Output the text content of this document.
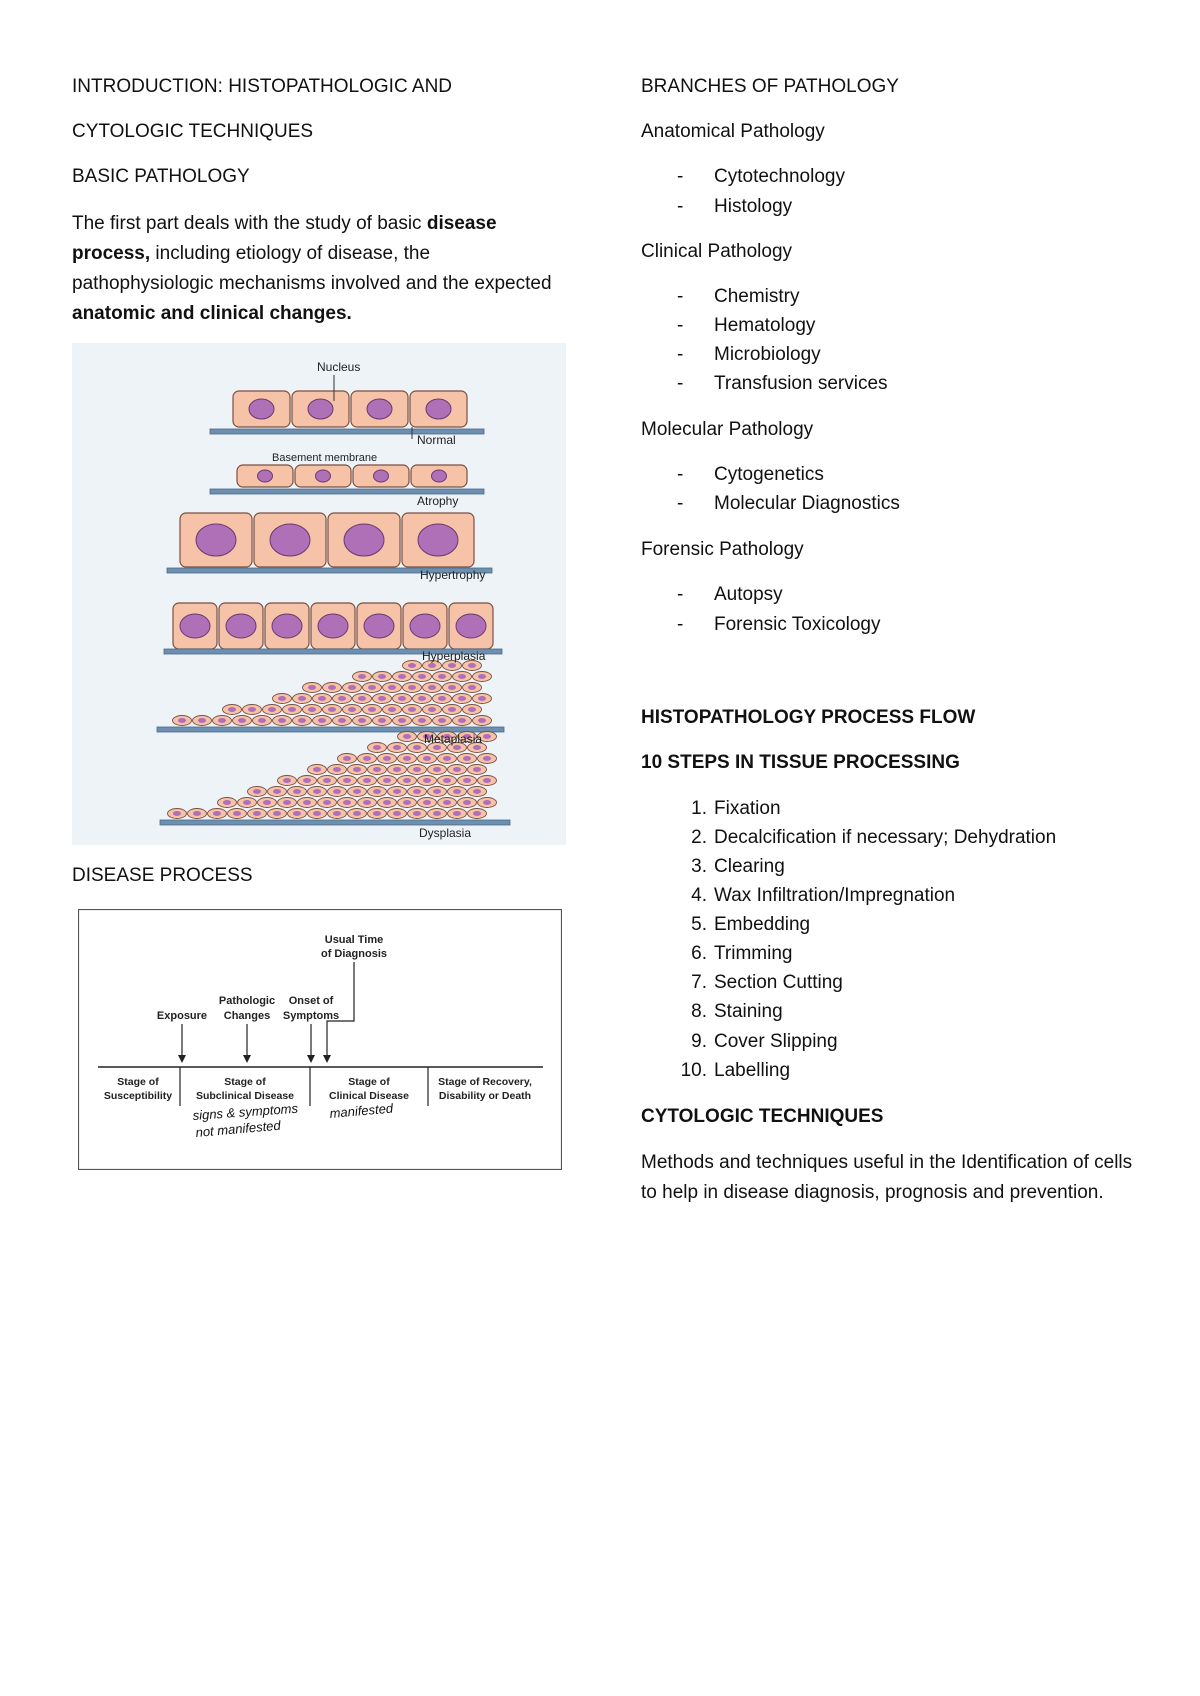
INTRODUCTION: HISTOPATHOLOGIC AND
CYTOLOGIC TECHNIQUES
BASIC PATHOLOGY
The first part deals with the study of basic disease process, including etiology of disease, the pathophysiologic mechanisms involved and the expected anatomic and clinical changes.
Nucleus
Normal
Basement membrane
Atrophy
Hypertrophy
Hyperplasia
Metaplasia
Dysplasia
DISEASE PROCESS
Usual Time
of Diagnosis
Exposure
Pathologic
Changes
Onset of
Symptoms
Stage of
Susceptibility
Stage of
Subclinical Disease
Stage of
Clinical Disease
Stage of Recovery,
Disability or Death
signs & symptoms
not manifested
manifested
BRANCHES OF PATHOLOGY
Anatomical Pathology
- Cytotechnology
- Histology
Clinical Pathology
- Chemistry
- Hematology
- Microbiology
- Transfusion services
Molecular Pathology
- Cytogenetics
- Molecular Diagnostics
Forensic Pathology
- Autopsy
- Forensic Toxicology
HISTOPATHOLOGY PROCESS FLOW
10 STEPS IN TISSUE PROCESSING
1. Fixation
2. Decalcification if necessary; Dehydration
3. Clearing
4. Wax Infiltration/Impregnation
5. Embedding
6. Trimming
7. Section Cutting
8. Staining
9. Cover Slipping
10. Labelling
CYTOLOGIC TECHNIQUES
Methods and techniques useful in the Identification of cells to help in disease diagnosis, prognosis and prevention.
